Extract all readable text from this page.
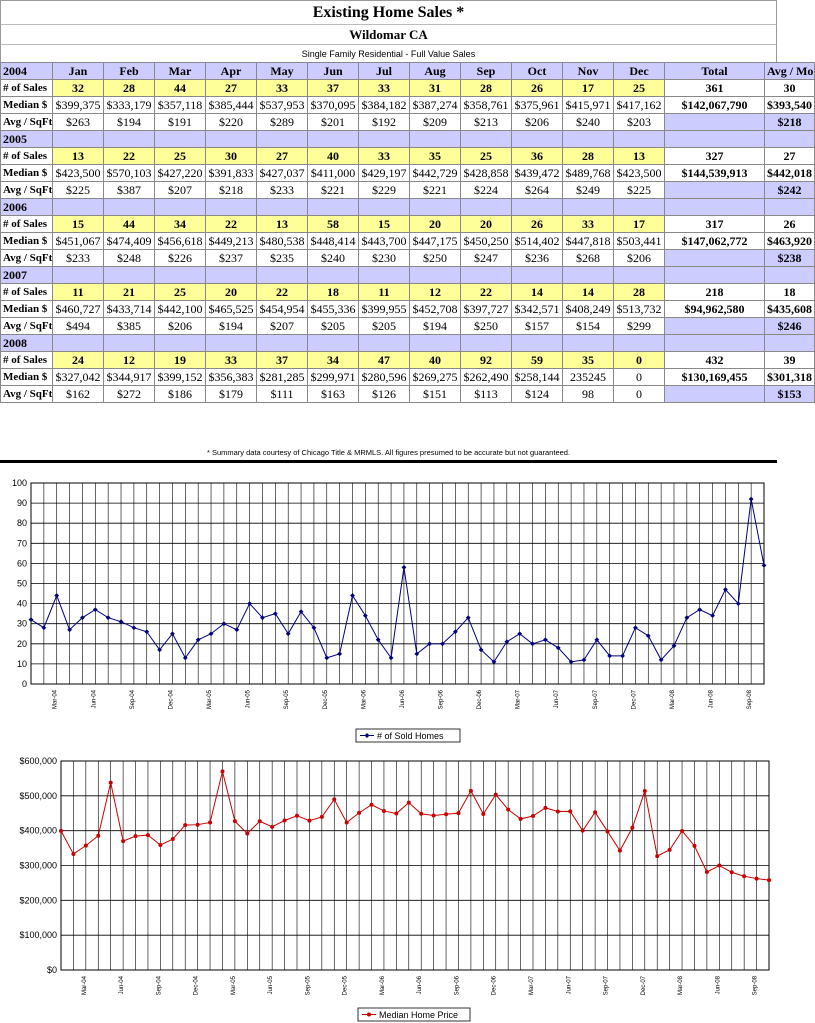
Existing Home Sales *
Wildomar CA
Single Family Residential - Full Value Sales
2004	Jan	Feb	Mar	Apr	May	Jun	Jul	Aug	Sep	Oct	Nov	Dec	Total	Avg / Mo
# of Sales	32	28	44	27	33	37	33	31	28	26	17	25	361	30
Median $	$399,375	$333,179	$357,118	$385,444	$537,953	$370,095	$384,182	$387,274	$358,761	$375,961	$415,971	$417,162	$142,067,790	$393,540
Avg / SqFt	$263	$194	$191	$220	$289	$201	$192	$209	$213	$206	$240	$203		$218
2005														
# of Sales	13	22	25	30	27	40	33	35	25	36	28	13	327	27
Median $	$423,500	$570,103	$427,220	$391,833	$427,037	$411,000	$429,197	$442,729	$428,858	$439,472	$489,768	$423,500	$144,539,913	$442,018
Avg / SqFt	$225	$387	$207	$218	$233	$221	$229	$221	$224	$264	$249	$225		$242
2006														
# of Sales	15	44	34	22	13	58	15	20	20	26	33	17	317	26
Median $	$451,067	$474,409	$456,618	$449,213	$480,538	$448,414	$443,700	$447,175	$450,250	$514,402	$447,818	$503,441	$147,062,772	$463,920
Avg / SqFt	$233	$248	$226	$237	$235	$240	$230	$250	$247	$236	$268	$206		$238
2007														
# of Sales	11	21	25	20	22	18	11	12	22	14	14	28	218	18
Median $	$460,727	$433,714	$442,100	$465,525	$454,954	$455,336	$399,955	$452,708	$397,727	$342,571	$408,249	$513,732	$94,962,580	$435,608
Avg / SqFt	$494	$385	$206	$194	$207	$205	$205	$194	$250	$157	$154	$299		$246
2008														
# of Sales	24	12	19	33	37	34	47	40	92	59	35	0	432	39
Median $	$327,042	$344,917	$399,152	$356,383	$281,285	$299,971	$280,596	$269,275	$262,490	$258,144	235245	0	$130,169,455	$301,318
Avg / SqFt	$162	$272	$186	$179	$111	$163	$126	$151	$113	$124	98	0		$153
* Summary data courtesy of Chicago Title & MRMLS. All figures presumed to be accurate but not guaranteed.
0
10
20
30
40
50
60
70
80
90
100
Mar-04	Jun-04	Sep-04	Dec-04	Mar-05	Jun-05	Sep-05	Dec-05	Mar-06	Jun-06	Sep-06	Dec-06	Mar-07	Jun-07	Sep-07	Dec-07	Mar-08	Jun-08	Sep-08
# of Sold Homes
$0
$100,000
$200,000
$300,000
$400,000
$500,000
$600,000
Mar-04	Jun-04	Sep-04	Dec-04	Mar-05	Jun-05	Sep-05	Dec-05	Mar-06	Jun-06	Sep-06	Dec-06	Mar-07	Jun-07	Sep-07	Dec-07	Mar-08	Jun-08	Sep-08
Median Home Price
